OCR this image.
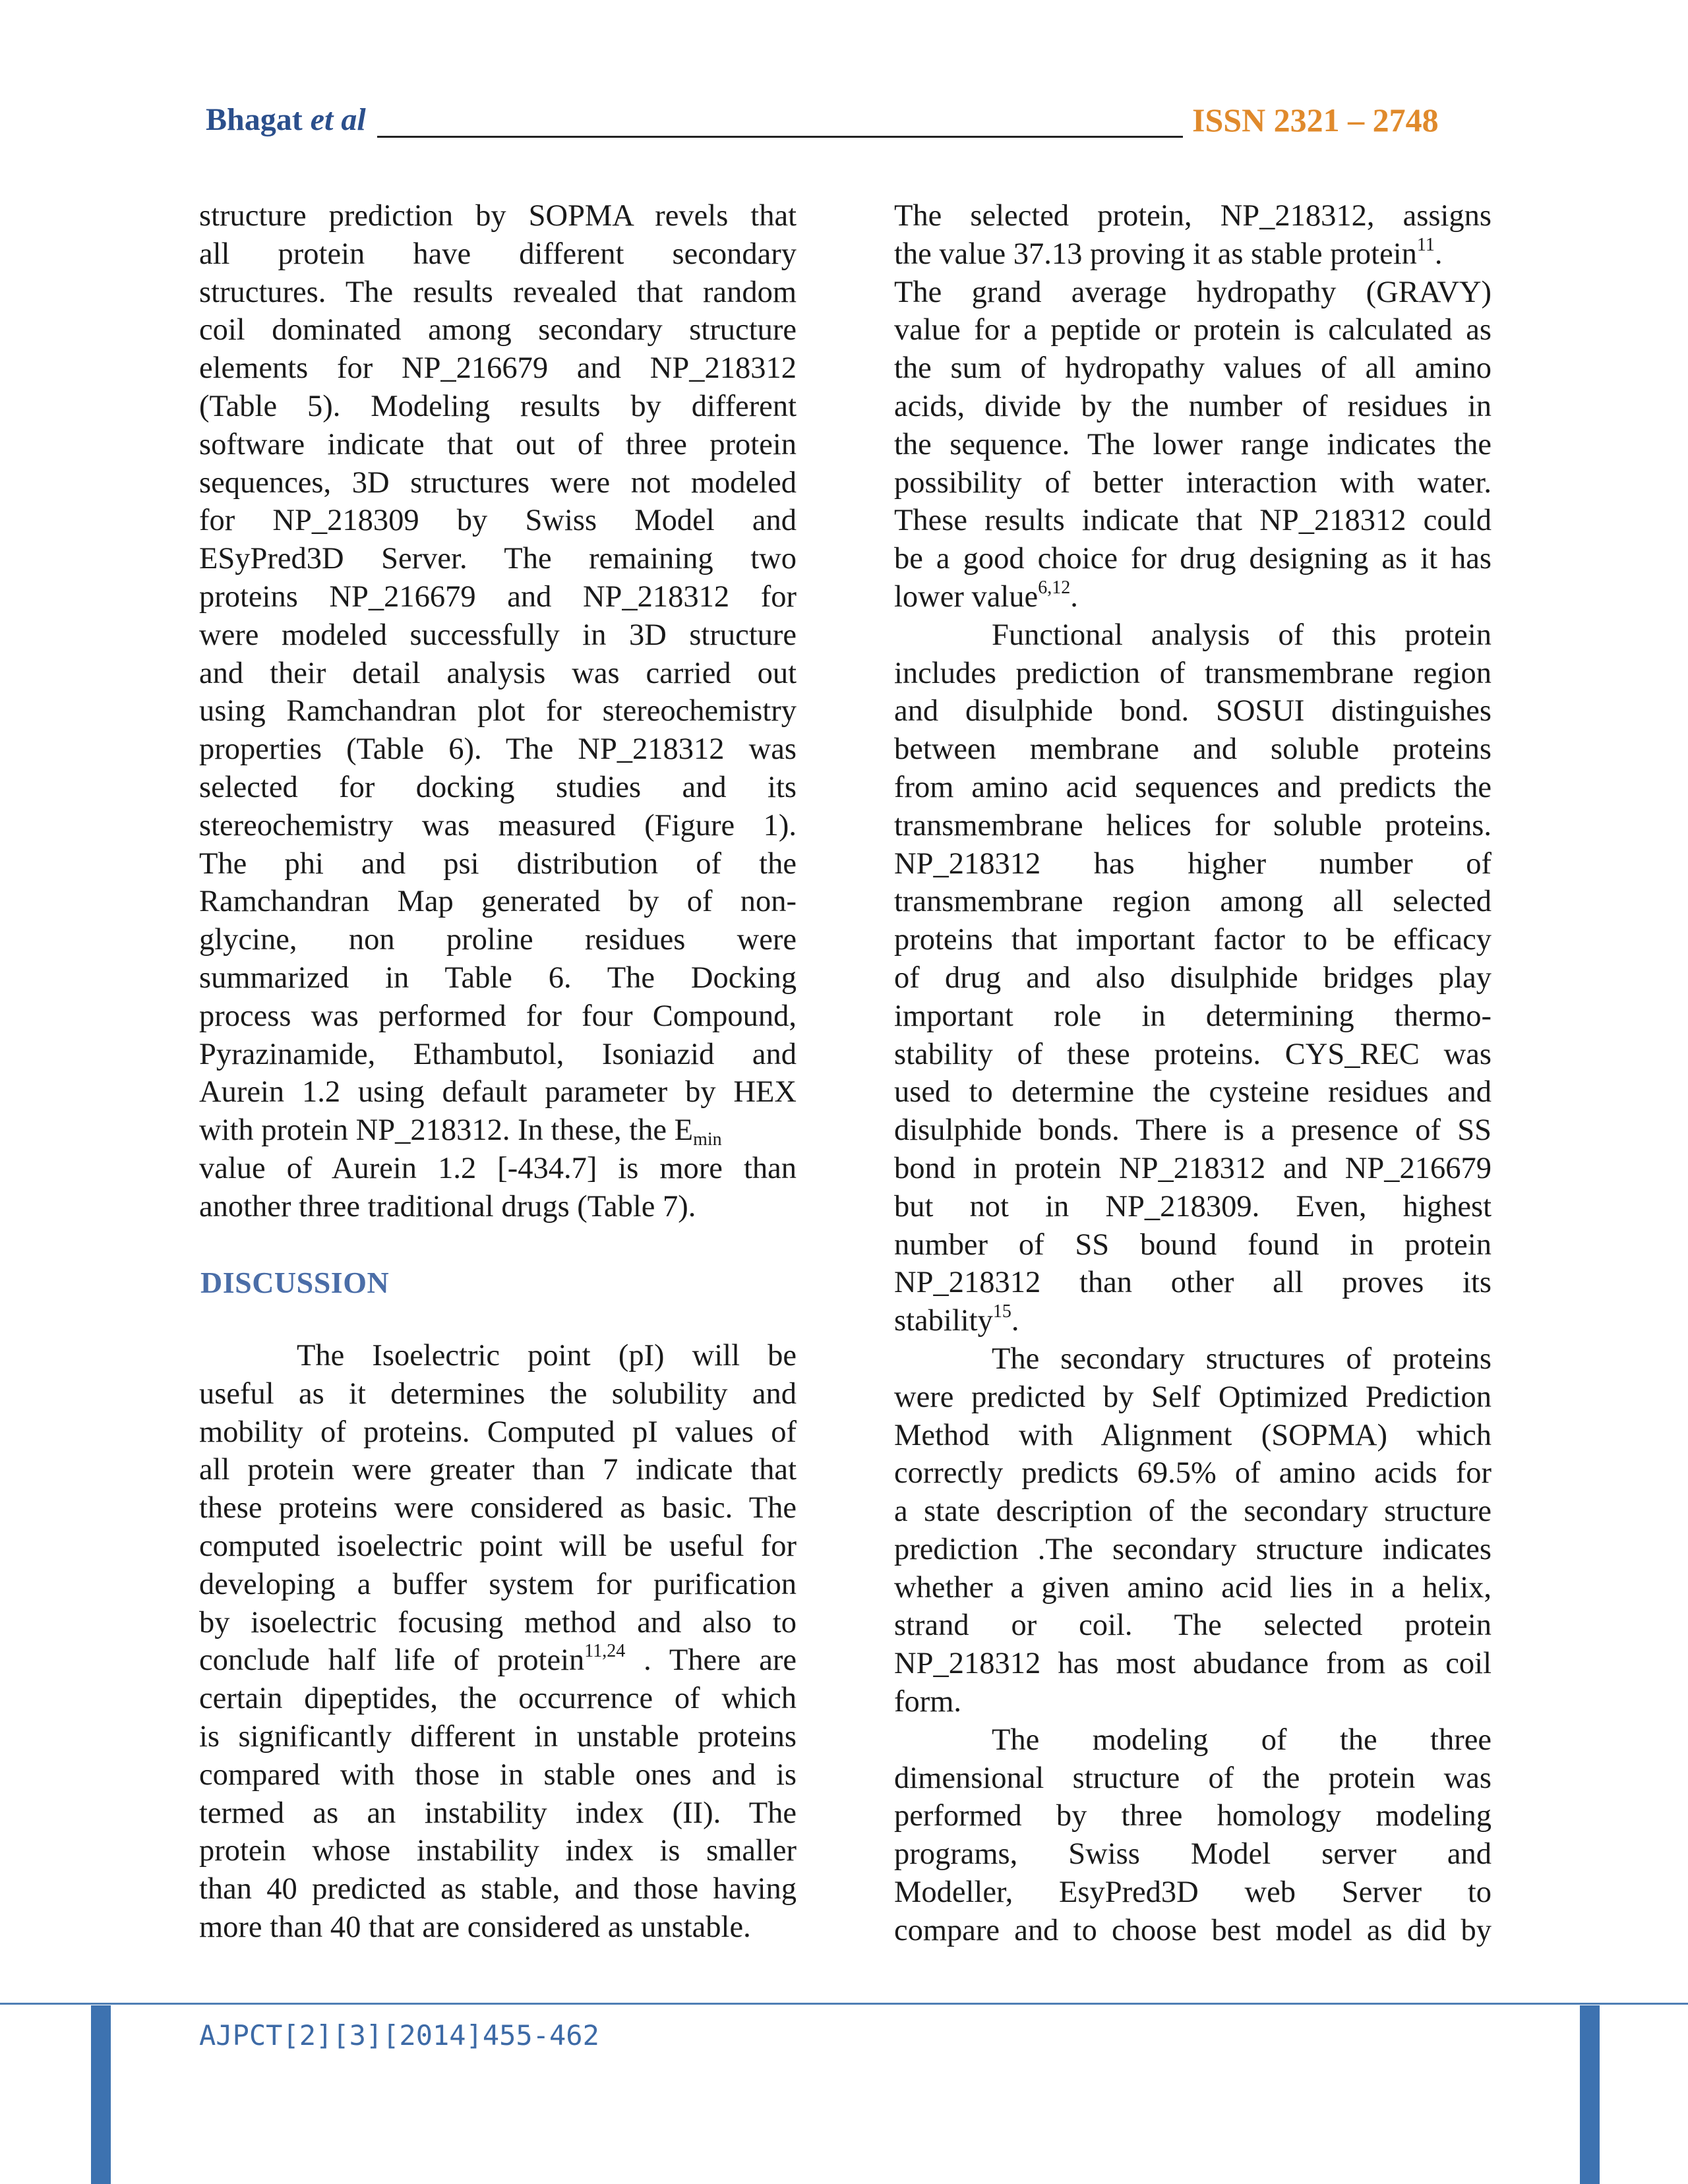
Bhagat et al	ISSN 2321 – 2748
structure prediction by SOPMA revels that
all protein have different secondary
structures. The results revealed that random
coil dominated among secondary structure
elements for NP_216679 and NP_218312
(Table 5). Modeling results by different
software indicate that out of three protein
sequences, 3D structures were not modeled
for NP_218309 by Swiss Model and
ESyPred3D Server. The remaining two
proteins NP_216679 and NP_218312 for
were modeled successfully in 3D structure
and their detail analysis was carried out
using Ramchandran plot for stereochemistry
properties (Table 6). The NP_218312 was
selected for docking studies and its
stereochemistry was measured (Figure 1).
The phi and psi distribution of the
Ramchandran Map generated by of non-
glycine, non proline residues were
summarized in Table 6. The Docking
process was performed for four Compound,
Pyrazinamide, Ethambutol, Isoniazid and
Aurein 1.2 using default parameter by HEX
with protein NP_218312. In these, the $E_{min}$
value of Aurein 1.2 [-434.7] is more than
another three traditional drugs (Table 7).
DISCUSSION
The Isoelectric point (pI) will be
useful as it determines the solubility and
mobility of proteins. Computed pI values of
all protein were greater than 7 indicate that
these proteins were considered as basic. The
computed isoelectric point will be useful for
developing a buffer system for purification
by isoelectric focusing method and also to
conclude half life of protein$^{11,24}$ . There are
certain dipeptides, the occurrence of which
is significantly different in unstable proteins
compared with those in stable ones and is
termed as an instability index (II). The
protein whose instability index is smaller
than 40 predicted as stable, and those having
more than 40 that are considered as unstable.
The selected protein, NP_218312, assigns
the value 37.13 proving it as stable protein$^{11}$.
The grand average hydropathy (GRAVY)
value for a peptide or protein is calculated as
the sum of hydropathy values of all amino
acids, divide by the number of residues in
the sequence. The lower range indicates the
possibility of better interaction with water.
These results indicate that NP_218312 could
be a good choice for drug designing as it has
lower value$^{6,12}$.
Functional analysis of this protein
includes prediction of transmembrane region
and disulphide bond. SOSUI distinguishes
between membrane and soluble proteins
from amino acid sequences and predicts the
transmembrane helices for soluble proteins.
NP_218312 has higher number of
transmembrane region among all selected
proteins that important factor to be efficacy
of drug and also disulphide bridges play
important role in determining thermo-
stability of these proteins. CYS_REC was
used to determine the cysteine residues and
disulphide bonds. There is a presence of SS
bond in protein NP_218312 and NP_216679
but not in NP_218309. Even, highest
number of SS bound found in protein
NP_218312 than other all proves its
stability$^{15}$.
The secondary structures of proteins
were predicted by Self Optimized Prediction
Method with Alignment (SOPMA) which
correctly predicts 69.5% of amino acids for
a state description of the secondary structure
prediction .The secondary structure indicates
whether a given amino acid lies in a helix,
strand or coil. The selected protein
NP_218312 has most abudance from as coil
form.
The modeling of the three
dimensional structure of the protein was
performed by three homology modeling
programs, Swiss Model server and
Modeller, EsyPred3D web Server to
compare and to choose best model as did by
AJPCT[2][3][2014]455-462
